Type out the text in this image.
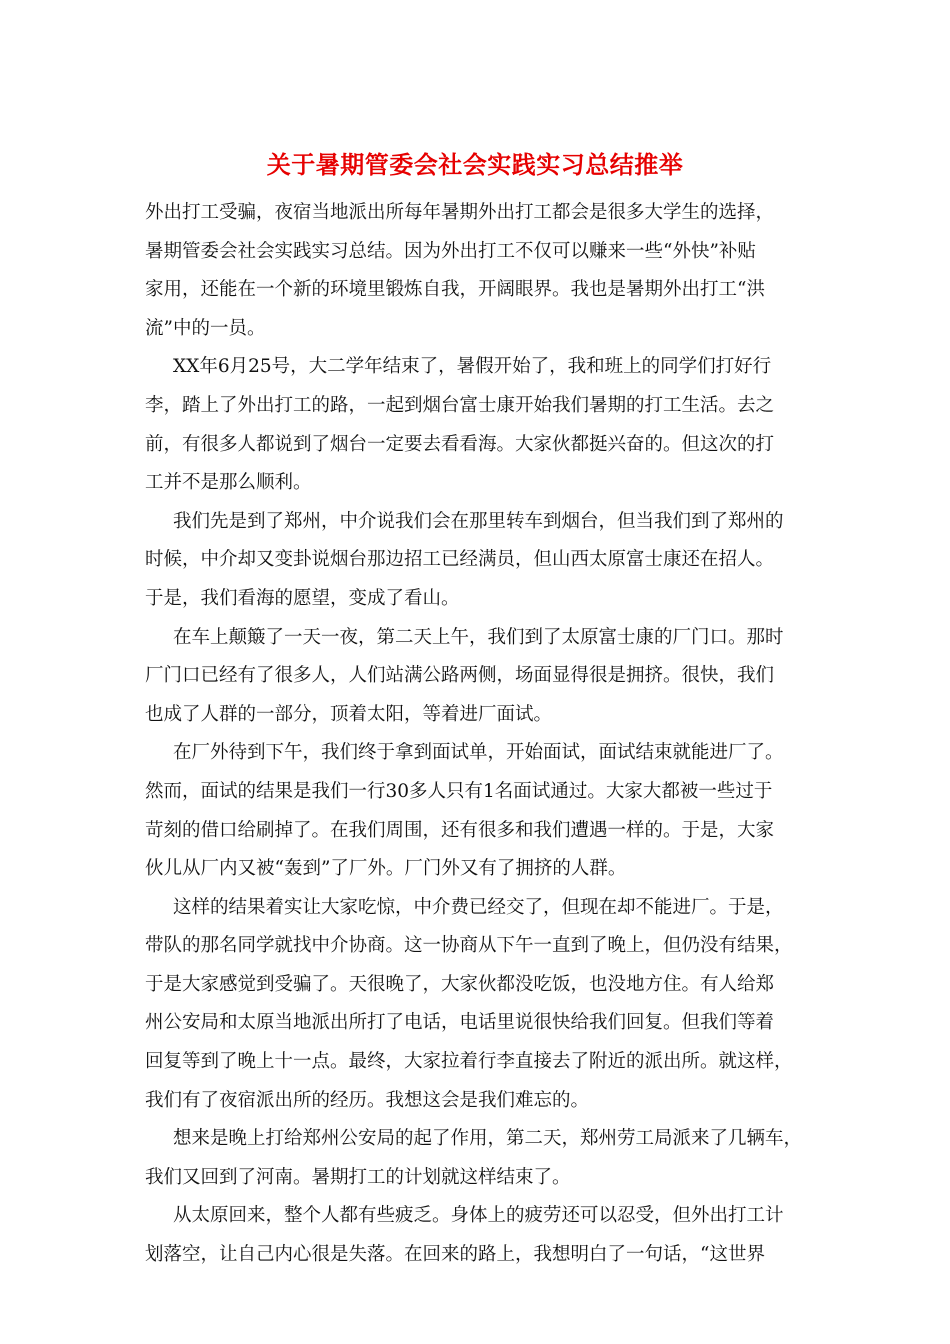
关于暑期管委会社会实践实习总结推举
外出打工受骗，夜宿当地派出所每年暑期外出打工都会是很多大学生的选择，
暑期管委会社会实践实习总结。因为外出打工不仅可以赚来一些“外快”补贴
家用，还能在一个新的环境里锻炼自我，开阔眼界。我也是暑期外出打工“洪
流”中的一员。
XX年6月25号，大二学年结束了，暑假开始了，我和班上的同学们打好行
李，踏上了外出打工的路，一起到烟台富士康开始我们暑期的打工生活。去之
前，有很多人都说到了烟台一定要去看看海。大家伙都挺兴奋的。但这次的打
工并不是那么顺利。
我们先是到了郑州，中介说我们会在那里转车到烟台，但当我们到了郑州的
时候，中介却又变卦说烟台那边招工已经满员，但山西太原富士康还在招人。
于是，我们看海的愿望，变成了看山。
在车上颠簸了一天一夜，第二天上午，我们到了太原富士康的厂门口。那时
厂门口已经有了很多人，人们站满公路两侧，场面显得很是拥挤。很快，我们
也成了人群的一部分，顶着太阳，等着进厂面试。
在厂外待到下午，我们终于拿到面试单，开始面试，面试结束就能进厂了。
然而，面试的结果是我们一行30多人只有1名面试通过。大家大都被一些过于
苛刻的借口给刷掉了。在我们周围，还有很多和我们遭遇一样的。于是，大家
伙儿从厂内又被“轰到”了厂外。厂门外又有了拥挤的人群。
这样的结果着实让大家吃惊，中介费已经交了，但现在却不能进厂。于是，
带队的那名同学就找中介协商。这一协商从下午一直到了晚上，但仍没有结果，
于是大家感觉到受骗了。天很晚了，大家伙都没吃饭，也没地方住。有人给郑
州公安局和太原当地派出所打了电话，电话里说很快给我们回复。但我们等着
回复等到了晚上十一点。最终，大家拉着行李直接去了附近的派出所。就这样，
我们有了夜宿派出所的经历。我想这会是我们难忘的。
想来是晚上打给郑州公安局的起了作用，第二天，郑州劳工局派来了几辆车，
我们又回到了河南。暑期打工的计划就这样结束了。
从太原回来，整个人都有些疲乏。身体上的疲劳还可以忍受，但外出打工计
划落空，让自己内心很是失落。在回来的路上，我想明白了一句话，“这世界
